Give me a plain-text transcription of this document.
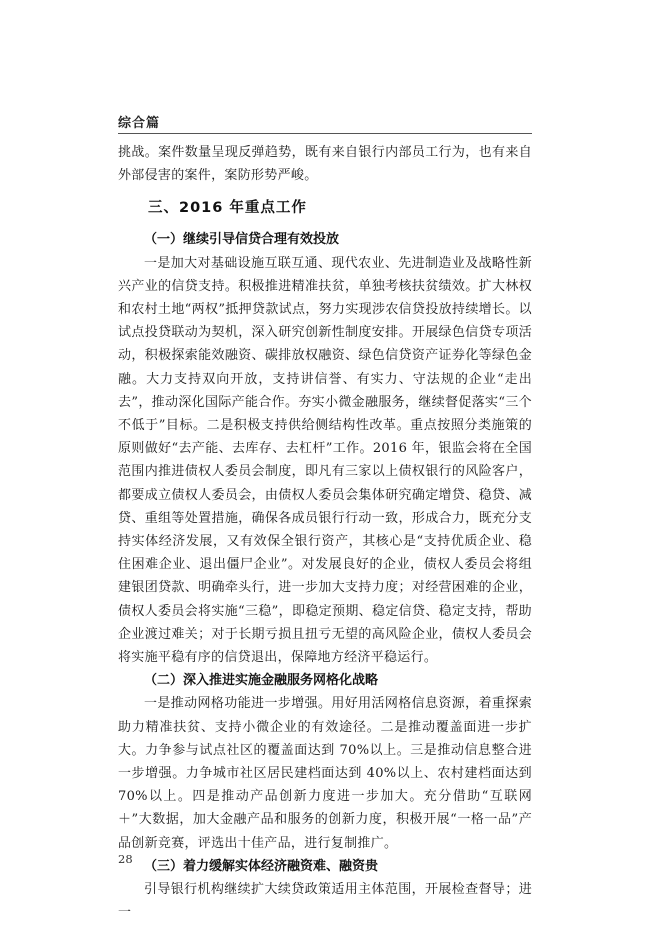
综合篇

挑战。案件数量呈现反弹趋势，既有来自银行内部员工行为，也有来自外部侵害的案件，案防形势严峻。

三、2016 年重点工作
（一）继续引导信贷合理有效投放

一是加大对基础设施互联互通、现代农业、先进制造业及战略性新兴产业的信贷支持。积极推进精准扶贫，单独考核扶贫绩效。扩大林权和农村土地“两权”抵押贷款试点，努力实现涉农信贷投放持续增长。以试点投贷联动为契机，深入研究创新性制度安排。开展绿色信贷专项活动，积极探索能效融资、碳排放权融资、绿色信贷资产证券化等绿色金融。大力支持双向开放，支持讲信誉、有实力、守法规的企业“走出去”，推动深化国际产能合作。夯实小微金融服务，继续督促落实“三个不低于”目标。二是积极支持供给侧结构性改革。重点按照分类施策的原则做好“去产能、去库存、去杠杆”工作。2016 年，银监会将在全国范围内推进债权人委员会制度，即凡有三家以上债权银行的风险客户，都要成立债权人委员会，由债权人委员会集体研究确定增贷、稳贷、减贷、重组等处置措施，确保各成员银行行动一致，形成合力，既充分支持实体经济发展，又有效保全银行资产，其核心是“支持优质企业、稳住困难企业、退出僵尸企业”。对发展良好的企业，债权人委员会将组建银团贷款、明确牵头行，进一步加大支持力度；对经营困难的企业，债权人委员会将实施“三稳”，即稳定预期、稳定信贷、稳定支持，帮助企业渡过难关；对于长期亏损且扭亏无望的高风险企业，债权人委员会将实施平稳有序的信贷退出，保障地方经济平稳运行。

（二）深入推进实施金融服务网格化战略

一是推动网格功能进一步增强。用好用活网格信息资源，着重探索助力精准扶贫、支持小微企业的有效途径。二是推动覆盖面进一步扩大。力争参与试点社区的覆盖面达到 70%以上。三是推动信息整合进一步增强。力争城市社区居民建档面达到 40%以上、农村建档面达到 70%以上。四是推动产品创新力度进一步加大。充分借助“互联网＋”大数据，加大金融产品和服务的创新力度，积极开展“一格一品”产品创新竞赛，评选出十佳产品，进行复制推广。

（三）着力缓解实体经济融资难、融资贵

引导银行机构继续扩大续贷政策适用主体范围，开展检查督导；进一

28
